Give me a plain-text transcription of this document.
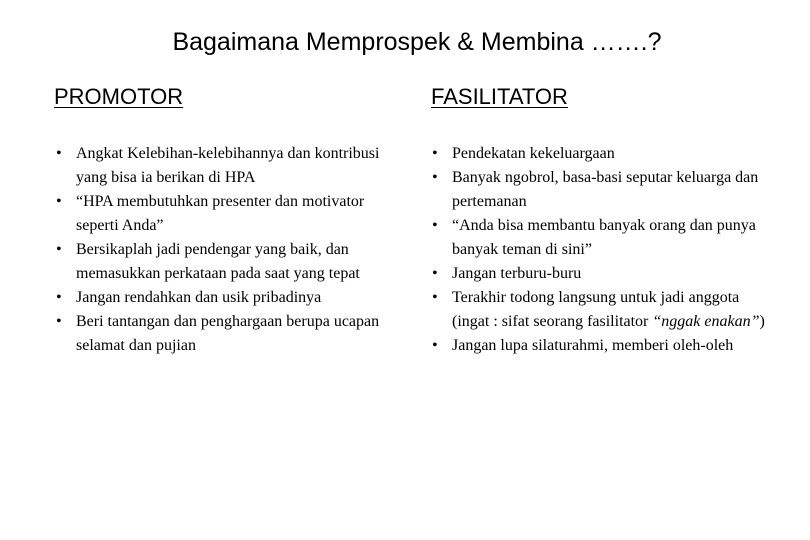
Bagaimana Memprospek & Membina …….?
PROMOTOR	FASILITATOR
• Angkat Kelebihan-kelebihannya dan kontribusi yang bisa ia berikan di HPA
• “HPA membutuhkan presenter dan motivator seperti Anda”
• Bersikaplah jadi pendengar yang baik, dan memasukkan perkataan pada saat yang tepat
• Jangan rendahkan dan usik pribadinya
• Beri tantangan dan penghargaan berupa ucapan selamat dan pujian
• Pendekatan kekeluargaan
• Banyak ngobrol, basa-basi seputar keluarga dan pertemanan
• “Anda bisa membantu banyak orang dan punya banyak teman di sini”
• Jangan terburu-buru
• Terakhir todong langsung untuk jadi anggota (ingat : sifat seorang fasilitator “nggak enakan”)
• Jangan lupa silaturahmi, memberi oleh-oleh
